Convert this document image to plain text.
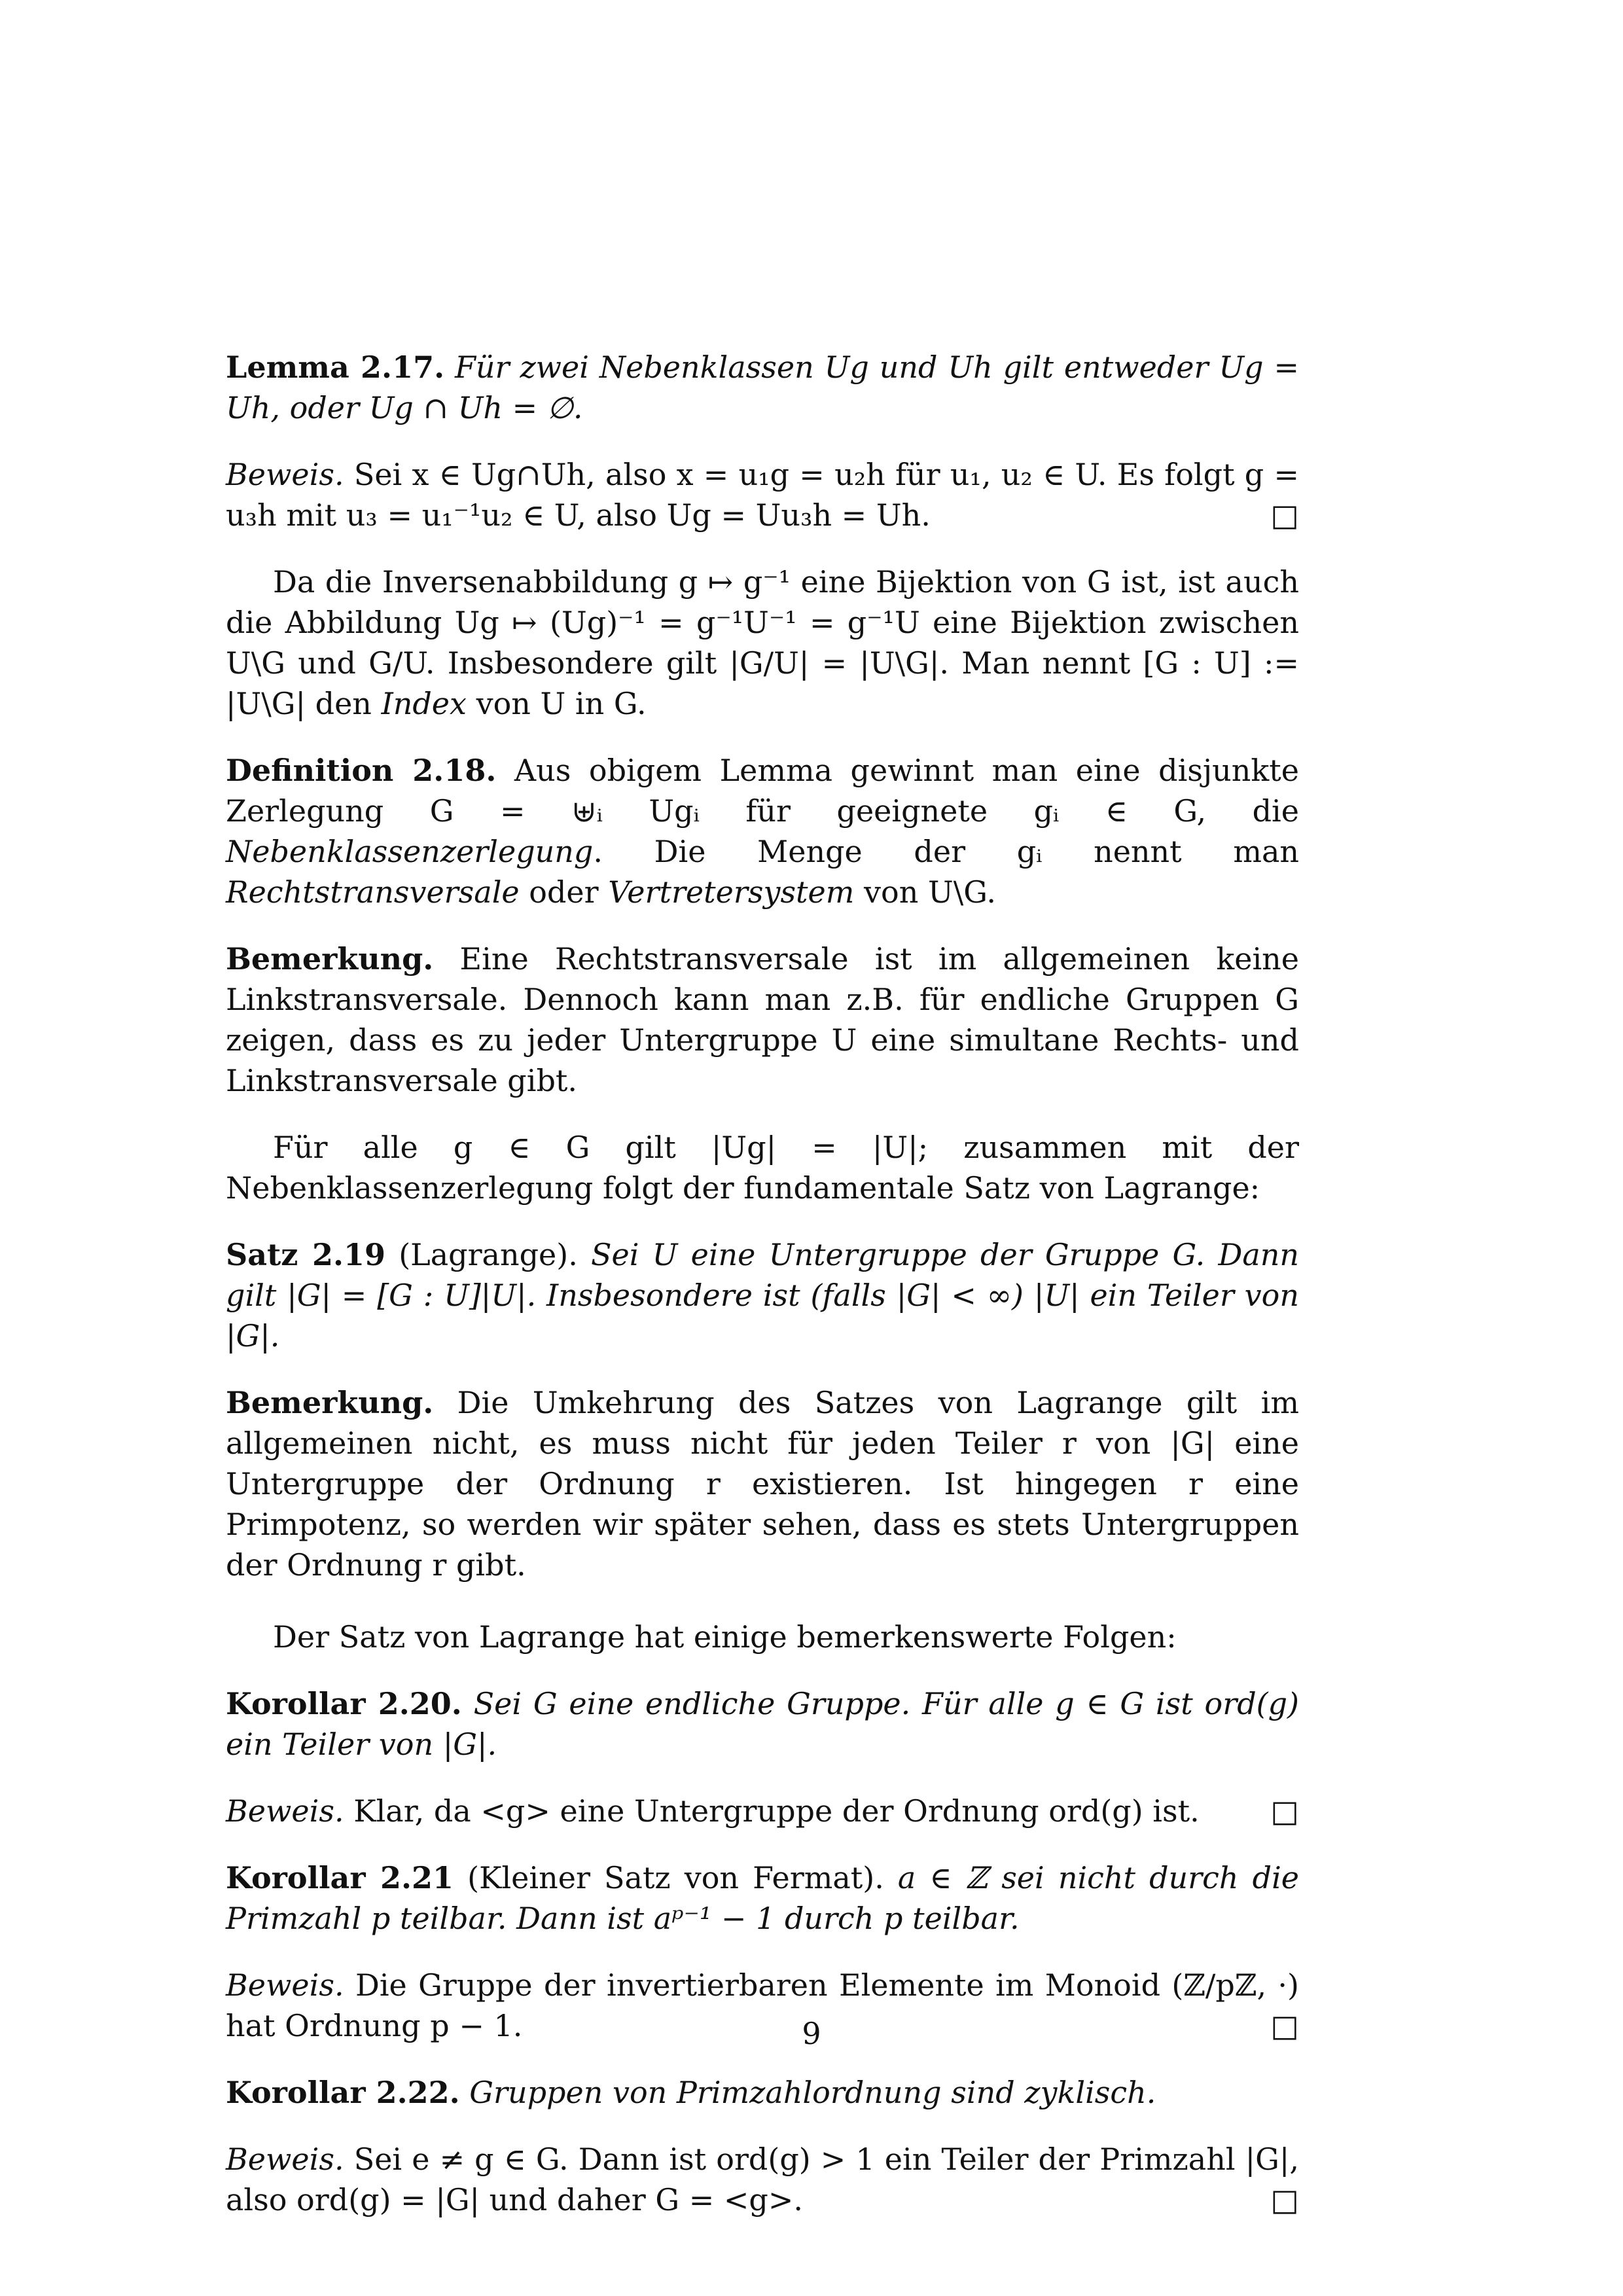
Lemma 2.17. Für zwei Nebenklassen Ug und Uh gilt entweder Ug = Uh, oder Ug ∩ Uh = ∅.

Beweis. Sei x ∈ Ug∩Uh, also x = u₁g = u₂h für u₁, u₂ ∈ U. Es folgt g = u₃h mit u₃ = u₁⁻¹u₂ ∈ U, also Ug = Uu₃h = Uh.	□

Da die Inversenabbildung g ↦ g⁻¹ eine Bijektion von G ist, ist auch die Abbildung Ug ↦ (Ug)⁻¹ = g⁻¹U⁻¹ = g⁻¹U eine Bijektion zwischen U\G und G/U. Insbesondere gilt |G/U| = |U\G|. Man nennt [G : U] := |U\G| den Index von U in G.

Definition 2.18. Aus obigem Lemma gewinnt man eine disjunkte Zerlegung G = ⊎ᵢ Ugᵢ für geeignete gᵢ ∈ G, die Nebenklassenzerlegung. Die Menge der gᵢ nennt man Rechtstransversale oder Vertretersystem von U\G.

Bemerkung. Eine Rechtstransversale ist im allgemeinen keine Linkstransversale. Dennoch kann man z.B. für endliche Gruppen G zeigen, dass es zu jeder Untergruppe U eine simultane Rechts- und Linkstransversale gibt.

Für alle g ∈ G gilt |Ug| = |U|; zusammen mit der Nebenklassenzerlegung folgt der fundamentale Satz von Lagrange:

Satz 2.19 (Lagrange). Sei U eine Untergruppe der Gruppe G. Dann gilt |G| = [G : U]|U|. Insbesondere ist (falls |G| < ∞) |U| ein Teiler von |G|.

Bemerkung. Die Umkehrung des Satzes von Lagrange gilt im allgemeinen nicht, es muss nicht für jeden Teiler r von |G| eine Untergruppe der Ordnung r existieren. Ist hingegen r eine Primpotenz, so werden wir später sehen, dass es stets Untergruppen der Ordnung r gibt.

Der Satz von Lagrange hat einige bemerkenswerte Folgen:

Korollar 2.20. Sei G eine endliche Gruppe. Für alle g ∈ G ist ord(g) ein Teiler von |G|.

Beweis. Klar, da <g> eine Untergruppe der Ordnung ord(g) ist. □

Korollar 2.21 (Kleiner Satz von Fermat). a ∈ ℤ sei nicht durch die Primzahl p teilbar. Dann ist aᵖ⁻¹ − 1 durch p teilbar.

Beweis. Die Gruppe der invertierbaren Elemente im Monoid (ℤ/pℤ, ·) hat Ordnung p − 1.	□

Korollar 2.22. Gruppen von Primzahlordnung sind zyklisch.

Beweis. Sei e ≠ g ∈ G. Dann ist ord(g) > 1 ein Teiler der Primzahl |G|, also ord(g) = |G| und daher G = <g>.	□

9
